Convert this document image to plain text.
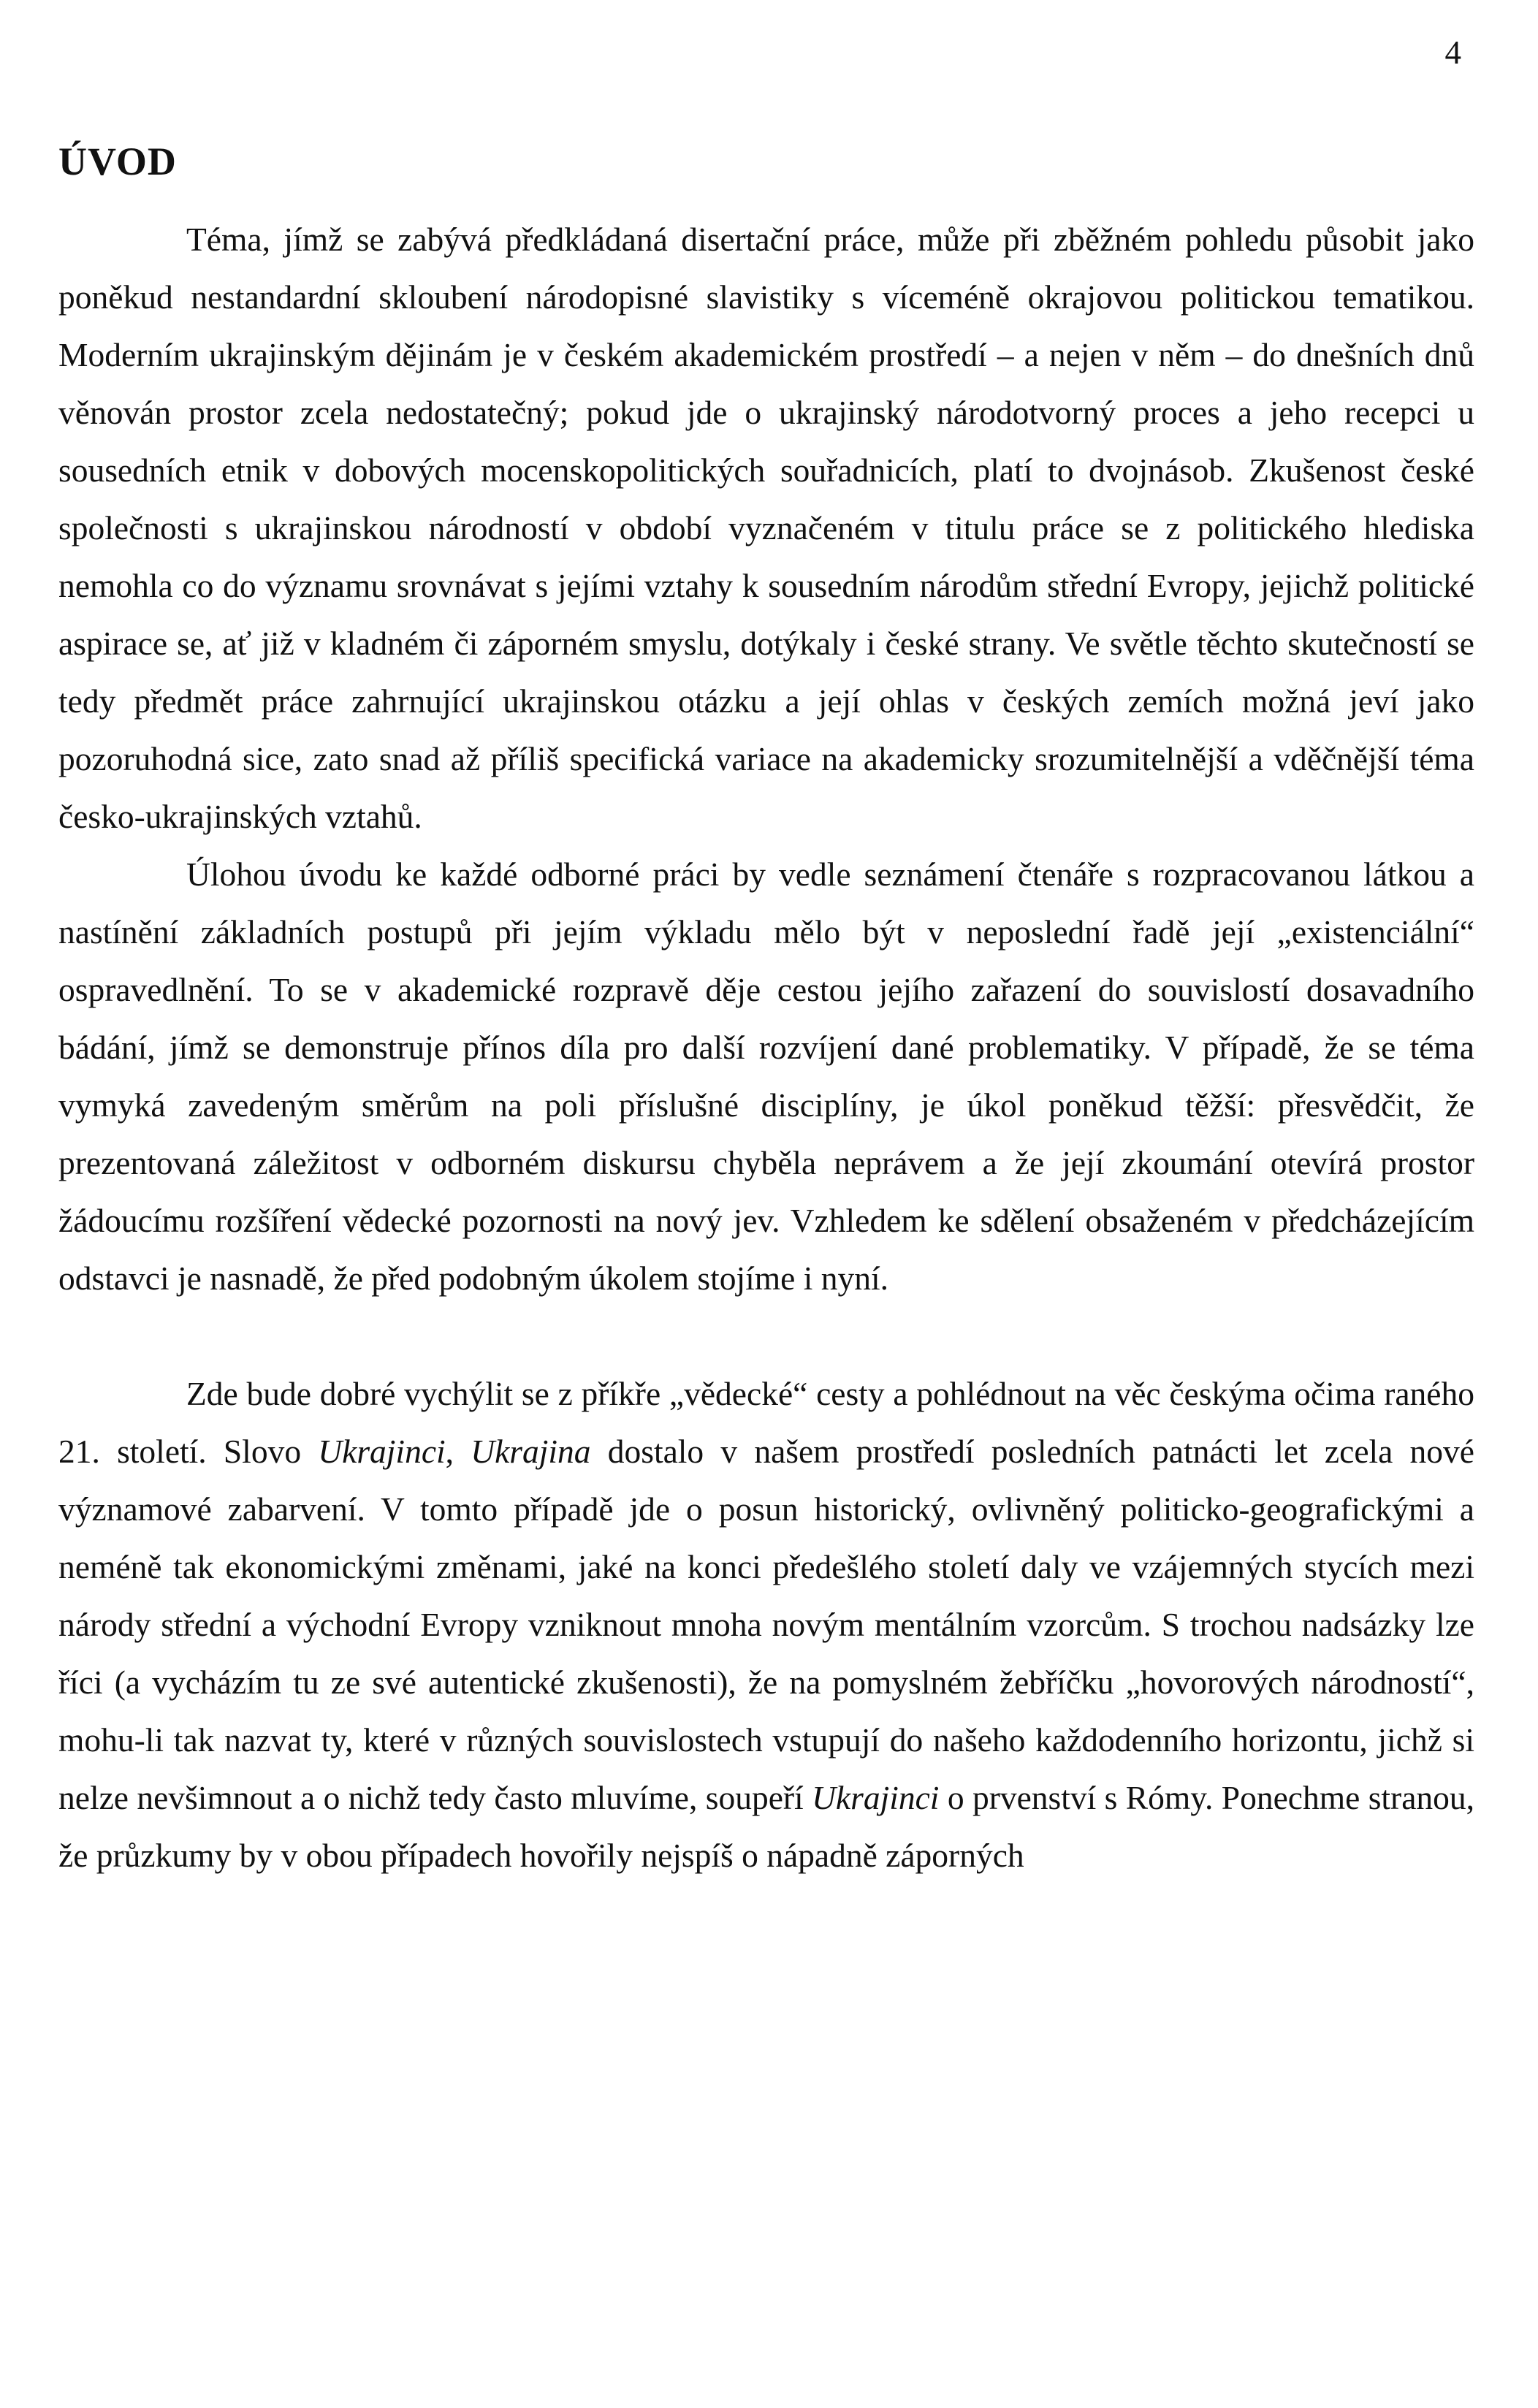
4
ÚVOD

Téma, jímž se zabývá předkládaná disertační práce, může při zběžném pohledu působit jako poněkud nestandardní skloubení národopisné slavistiky s víceméně okrajovou politickou tematikou. Moderním ukrajinským dějinám je v českém akademickém prostředí – a nejen v něm – do dnešních dnů věnován prostor zcela nedostatečný; pokud jde o ukrajinský národotvorný proces a jeho recepci u sousedních etnik v dobových mocenskopolitických souřadnicích, platí to dvojnásob. Zkušenost české společnosti s ukrajinskou národností v období vyznačeném v titulu práce se z politického hlediska nemohla co do významu srovnávat s jejími vztahy k sousedním národům střední Evropy, jejichž politické aspirace se, ať již v kladném či záporném smyslu, dotýkaly i české strany. Ve světle těchto skutečností se tedy předmět práce zahrnující ukrajinskou otázku a její ohlas v českých zemích možná jeví jako pozoruhodná sice, zato snad až příliš specifická variace na akademicky srozumitelnější a vděčnější téma česko-ukrajinských vztahů.

Úlohou úvodu ke každé odborné práci by vedle seznámení čtenáře s rozpracovanou látkou a nastínění základních postupů při jejím výkladu mělo být v neposlední řadě její „existenciální“ ospravedlnění. To se v akademické rozpravě děje cestou jejího zařazení do souvislostí dosavadního bádání, jímž se demonstruje přínos díla pro další rozvíjení dané problematiky. V případě, že se téma vymyká zavedeným směrům na poli příslušné disciplíny, je úkol poněkud těžší: přesvědčit, že prezentovaná záležitost v odborném diskursu chyběla neprávem a že její zkoumání otevírá prostor žádoucímu rozšíření vědecké pozornosti na nový jev. Vzhledem ke sdělení obsaženém v předcházejícím odstavci je nasnadě, že před podobným úkolem stojíme i nyní.

Zde bude dobré vychýlit se z příkře „vědecké“ cesty a pohlédnout na věc českýma očima raného 21. století. Slovo Ukrajinci, Ukrajina dostalo v našem prostředí posledních patnácti let zcela nové významové zabarvení. V tomto případě jde o posun historický, ovlivněný politicko-geografickými a neméně tak ekonomickými změnami, jaké na konci předešlého století daly ve vzájemných stycích mezi národy střední a východní Evropy vzniknout mnoha novým mentálním vzorcům. S trochou nadsázky lze říci (a vycházím tu ze své autentické zkušenosti), že na pomyslném žebříčku „hovorových národností“, mohu-li tak nazvat ty, které v různých souvislostech vstupují do našeho každodenního horizontu, jichž si nelze nevšimnout a o nichž tedy často mluvíme, soupeří Ukrajinci o prvenství s Rómy. Ponechme stranou, že průzkumy by v obou případech hovořily nejspíš o nápadně záporných
